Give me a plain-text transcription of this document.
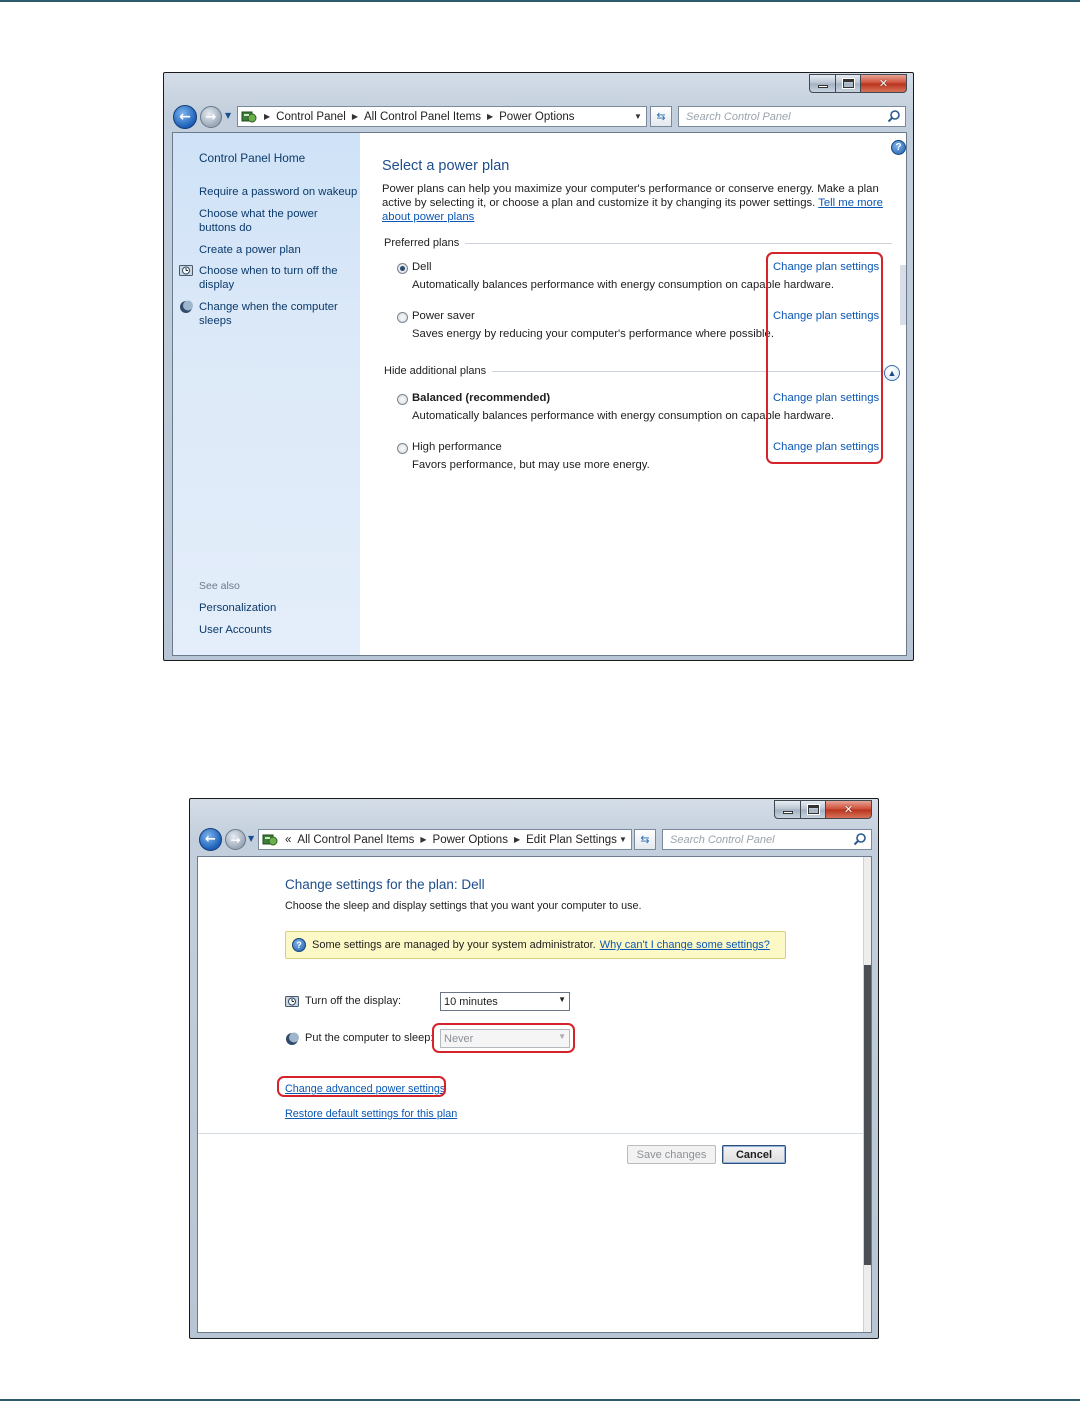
✕
← → ▼	▶ Control Panel ▶ All Control Panel Items ▶ Power Options	▼	⇆ Search Control Panel
Control Panel Home
Require a password on wakeup
Choose what the power buttons do
Create a power plan
Choose when to turn off the display
Change when the computer sleeps
See also
Personalization
User Accounts
?
Select a power plan
Power plans can help you maximize your computer's performance or conserve energy. Make a plan active by selecting it, or choose a plan and customize it by changing its power settings. Tell me more about power plans
Preferred plans
Dell
Automatically balances performance with energy consumption on capable hardware.
Change plan settings
Power saver
Saves energy by reducing your computer's performance where possible.
Change plan settings
Hide additional plans	▲
Balanced (recommended)
Automatically balances performance with energy consumption on capable hardware.
Change plan settings
High performance
Favors performance, but may use more energy.
Change plan settings
✕
← → ▼	« All Control Panel Items ▶ Power Options ▶ Edit Plan Settings ▼	⇆ Search Control Panel
Change settings for the plan: Dell
Choose the sleep and display settings that you want your computer to use.
? Some settings are managed by your system administrator. Why can't I change some settings?
Turn off the display:	10 minutes	▼
Put the computer to sleep: Never	▼
Change advanced power settings
Restore default settings for this plan
Save changes	Cancel
